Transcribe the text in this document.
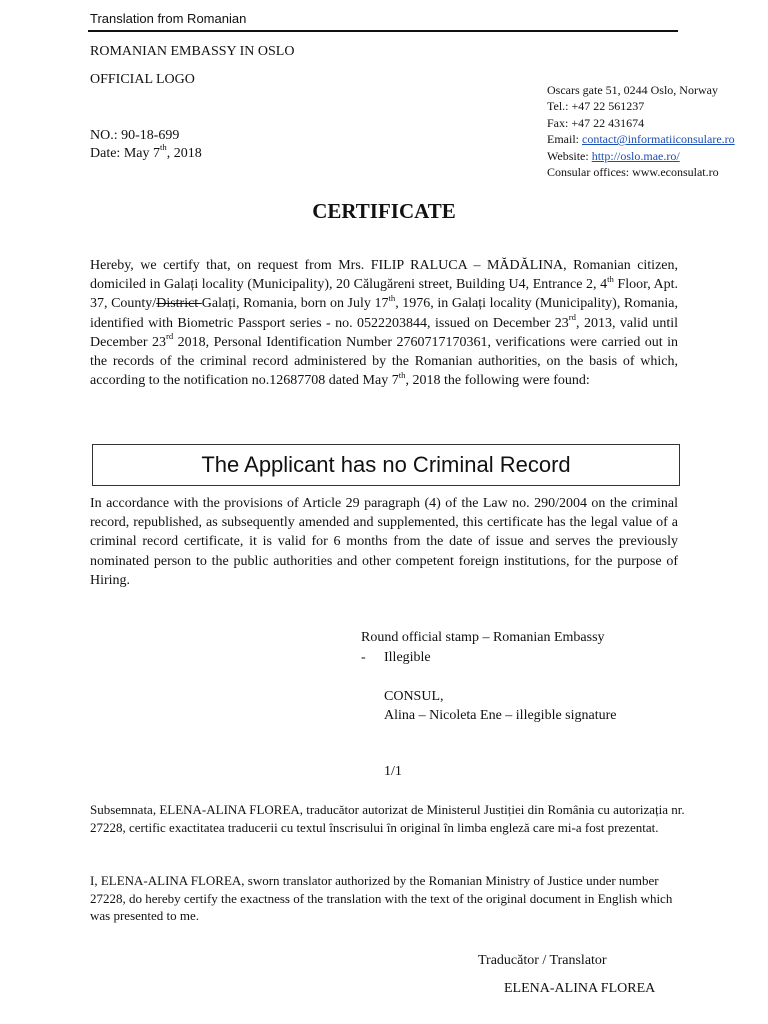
Translation from Romanian
ROMANIAN EMBASSY IN OSLO
OFFICIAL LOGO
NO.: 90-18-699
Date: May 7th, 2018
Oscars gate 51, 0244 Oslo, Norway
Tel.: +47 22 561237
Fax: +47 22 431674
Email: contact@informatiiconsulare.ro
Website: http://oslo.mae.ro/
Consular offices: www.econsulat.ro
CERTIFICATE
Hereby, we certify that, on request from Mrs. FILIP RALUCA – MĂDĂLINA, Romanian citizen, domiciled in Galați locality (Municipality), 20 Călugăreni street, Building U4, Entrance 2, 4th Floor, Apt. 37, County/District Galați, Romania, born on July 17th, 1976, in Galați locality (Municipality), Romania, identified with Biometric Passport series - no. 0522203844, issued on December 23rd, 2013, valid until December 23rd 2018, Personal Identification Number 2760717170361, verifications were carried out in the records of the criminal record administered by the Romanian authorities, on the basis of which, according to the notification no.12687708 dated May 7th, 2018 the following were found:
The Applicant has no Criminal Record
In accordance with the provisions of Article 29 paragraph (4) of the Law no. 290/2004 on the criminal record, republished, as subsequently amended and supplemented, this certificate has the legal value of a criminal record certificate, it is valid for 6 months from the date of issue and serves the previously nominated person to the public authorities and other competent foreign institutions, for the purpose of Hiring.
Round official stamp – Romanian Embassy
- Illegible
CONSUL,
Alina – Nicoleta Ene – illegible signature
1/1
Subsemnata, ELENA-ALINA FLOREA, traducător autorizat de Ministerul Justiției din România cu autorizația nr. 27228, certific exactitatea traducerii cu textul înscrisului în original în limba engleză care mi-a fost prezentat.
I, ELENA-ALINA FLOREA, sworn translator authorized by the Romanian Ministry of Justice under number 27228, do hereby certify the exactness of the translation with the text of the original document in English which was presented to me.
Traducător / Translator
ELENA-ALINA FLOREA
